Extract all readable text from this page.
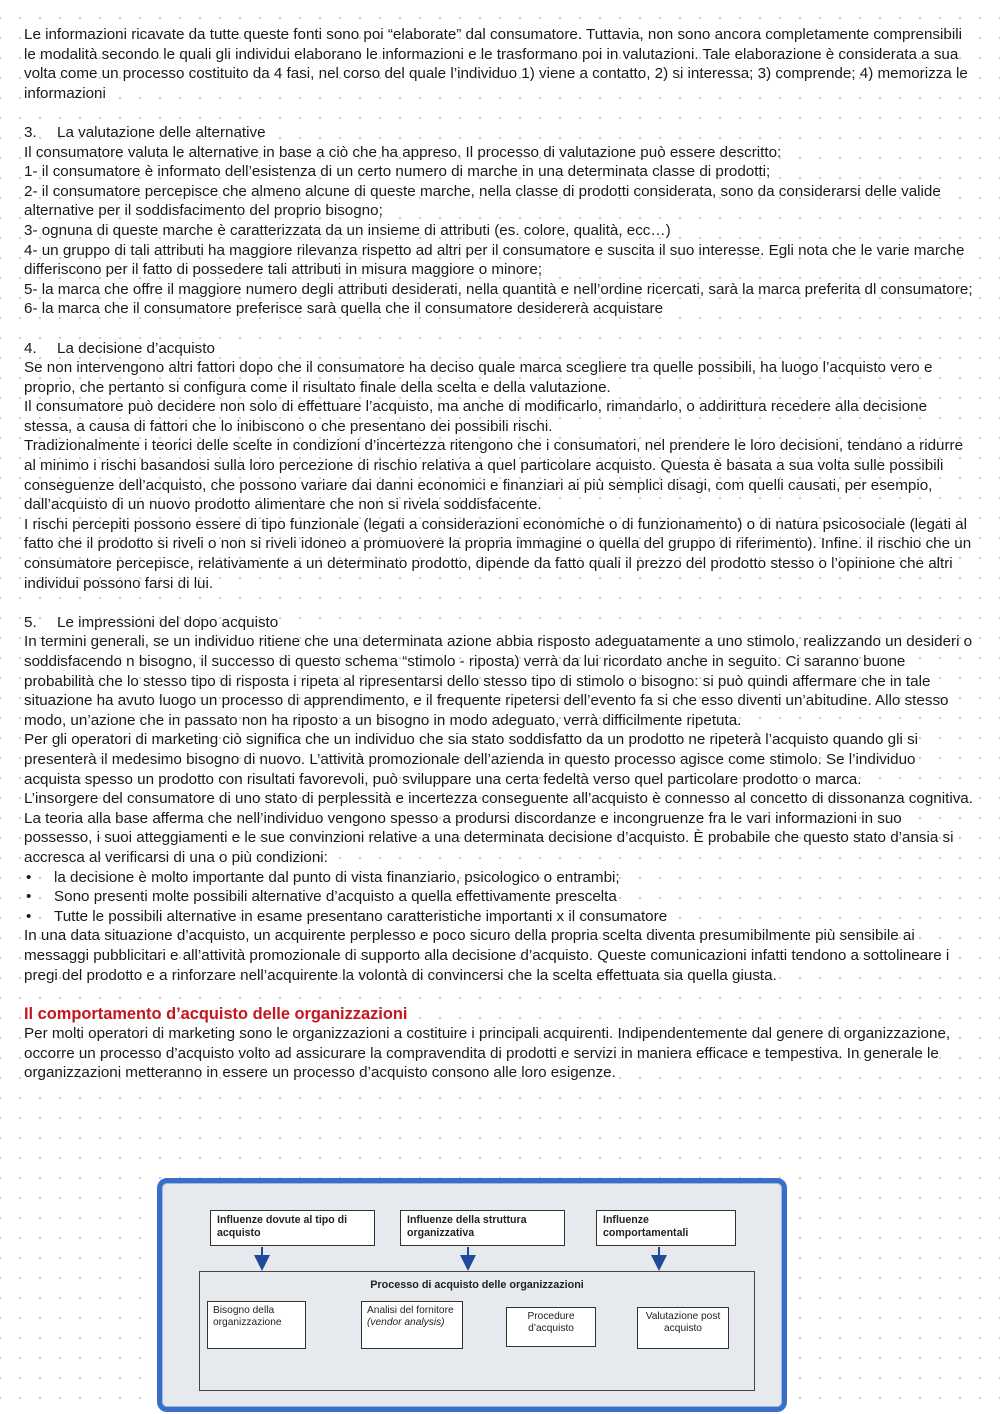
Le informazioni ricavate da tutte queste fonti sono poi “elaborate” dal consumatore. Tuttavia, non sono ancora completamente comprensibili le modalità secondo le quali gli individui elaborano le informazioni e le trasformano poi in valutazioni. Tale elaborazione è considerata a sua volta come un processo costituito da 4 fasi, nel corso del quale l’individuo 1) viene a contatto, 2) si interessa; 3) comprende; 4) memorizza le informazioni

3. La valutazione delle alternative

Il consumatore valuta le alternative in base a ciò che ha appreso. Il processo di valutazione può essere descritto:

1- il consumatore è informato dell’esistenza di un certo numero di marche in una determinata classe di prodotti;

2- il consumatore percepisce che almeno alcune di queste marche, nella classe di prodotti considerata, sono da considerarsi delle valide alternative per il soddisfacimento del proprio bisogno;

3- ognuna di queste marche è caratterizzata da un insieme di attributi (es. colore, qualità, ecc…)

4- un gruppo di tali attributi ha maggiore rilevanza rispetto ad altri per il consumatore e suscita il suo interesse. Egli nota che le varie marche differiscono per il fatto di possedere tali attributi in misura maggiore o minore;

5- la marca che offre il maggiore numero degli attributi desiderati, nella quantità e nell’ordine ricercati, sarà la marca preferita dl consumatore;

6- la marca che il consumatore preferisce sarà quella che il consumatore desidererà acquistare

4. La decisione d’acquisto

Se non intervengono altri fattori dopo che il consumatore ha deciso quale marca scegliere tra quelle possibili, ha luogo l’acquisto vero e proprio, che pertanto si configura come il risultato finale della scelta e della valutazione.

Il consumatore può decidere non solo di effettuare l’acquisto, ma anche di modificarlo, rimandarlo, o addirittura recedere alla decisione stessa, a causa di fattori che lo inibiscono o che presentano dei possibili rischi.

Tradizionalmente i teorici delle scelte in condizioni d’incertezza ritengono che i consumatori, nel prendere le loro decisioni, tendano a ridurre al minimo i rischi basandosi sulla loro percezione di rischio relativa a quel particolare acquisto. Questa è basata a sua volta sulle possibili conseguenze dell’acquisto, che possono variare dai danni economici e finanziari ai più semplici disagi, com quelli causati, per esempio, dall’acquisto di un nuovo prodotto alimentare che non si rivela soddisfacente.

I rischi percepiti possono essere di tipo funzionale (legati a considerazioni economiche o di funzionamento) o di natura psicosociale (legati al fatto che il prodotto si riveli o non si riveli idoneo a promuovere la propria immagine o quella del gruppo di riferimento). Infine. il rischio che un consumatore percepisce, relativamente a un determinato prodotto, dipende da fatto quali il prezzo del prodotto stesso o l’opinione che altri individui possono farsi di lui.

5. Le impressioni del dopo acquisto

In termini generali, se un individuo ritiene che una determinata azione abbia risposto adeguatamente a uno stimolo, realizzando un desideri o soddisfacendo n bisogno, il successo di questo schema “stimolo - riposta) verrà da lui ricordato anche in seguito. Ci saranno buone probabilità che lo stesso tipo di risposta i ripeta al ripresentarsi dello stesso tipo di stimolo o bisogno: si può quindi affermare che in tale situazione ha avuto luogo un processo di apprendimento, e il frequente ripetersi dell’evento fa si che esso diventi un’abitudine. Allo stesso modo, un’azione che in passato non ha riposto a un bisogno in modo adeguato, verrà difficilmente ripetuta.

Per gli operatori di marketing ciò significa che un individuo che sia stato soddisfatto da un prodotto ne ripeterà l’acquisto quando gli si presenterà il medesimo bisogno di nuovo. L’attività promozionale dell’azienda in questo processo agisce come stimolo. Se l’individuo acquista spesso un prodotto con risultati favorevoli, può sviluppare una certa fedeltà verso quel particolare prodotto o marca.

L’insorgere del consumatore di uno stato di perplessità e incertezza conseguente all’acquisto è connesso al concetto di dissonanza cognitiva. La teoria alla base afferma che nell’individuo vengono spesso a prodursi discordanze e incongruenze fra le vari informazioni in suo possesso, i suoi atteggiamenti e le sue convinzioni relative a una determinata decisione d’acquisto. È probabile che questo stato d’ansia si accresca al verificarsi di una o più condizioni:

•	la decisione è molto importante dal punto di vista finanziario, psicologico o entrambi;
•	Sono presenti molte possibili alternative d’acquisto a quella effettivamente prescelta
•	Tutte le possibili alternative in esame presentano caratteristiche importanti x il consumatore

In una data situazione d’acquisto, un acquirente perplesso e poco sicuro della propria scelta diventa presumibilmente più sensibile ai messaggi pubblicitari e all’attività promozionale di supporto alla decisione d’acquisto. Queste comunicazioni infatti tendono a sottolineare i pregi del prodotto e a rinforzare nell’acquirente la volontà di convincersi che la scelta effettuata sia quella giusta.

Il comportamento d’acquisto delle organizzazioni

Per molti operatori di marketing sono le organizzazioni a costituire i principali acquirenti. Indipendentemente dal genere di organizzazione, occorre un processo d’acquisto volto ad assicurare la compravendita di prodotti e servizi in maniera efficace e tempestiva. In generale le organizzazioni metteranno in essere un processo d’acquisto consono alle loro esigenze.

Influenze dovute al tipo di acquisto
Influenze della struttura organizzativa
Influenze comportamentali
Processo di acquisto delle organizzazioni
Bisogno della organizzazione
Analisi del fornitore
(vendor analysis)
Procedure d’acquisto
Valutazione post acquisto
